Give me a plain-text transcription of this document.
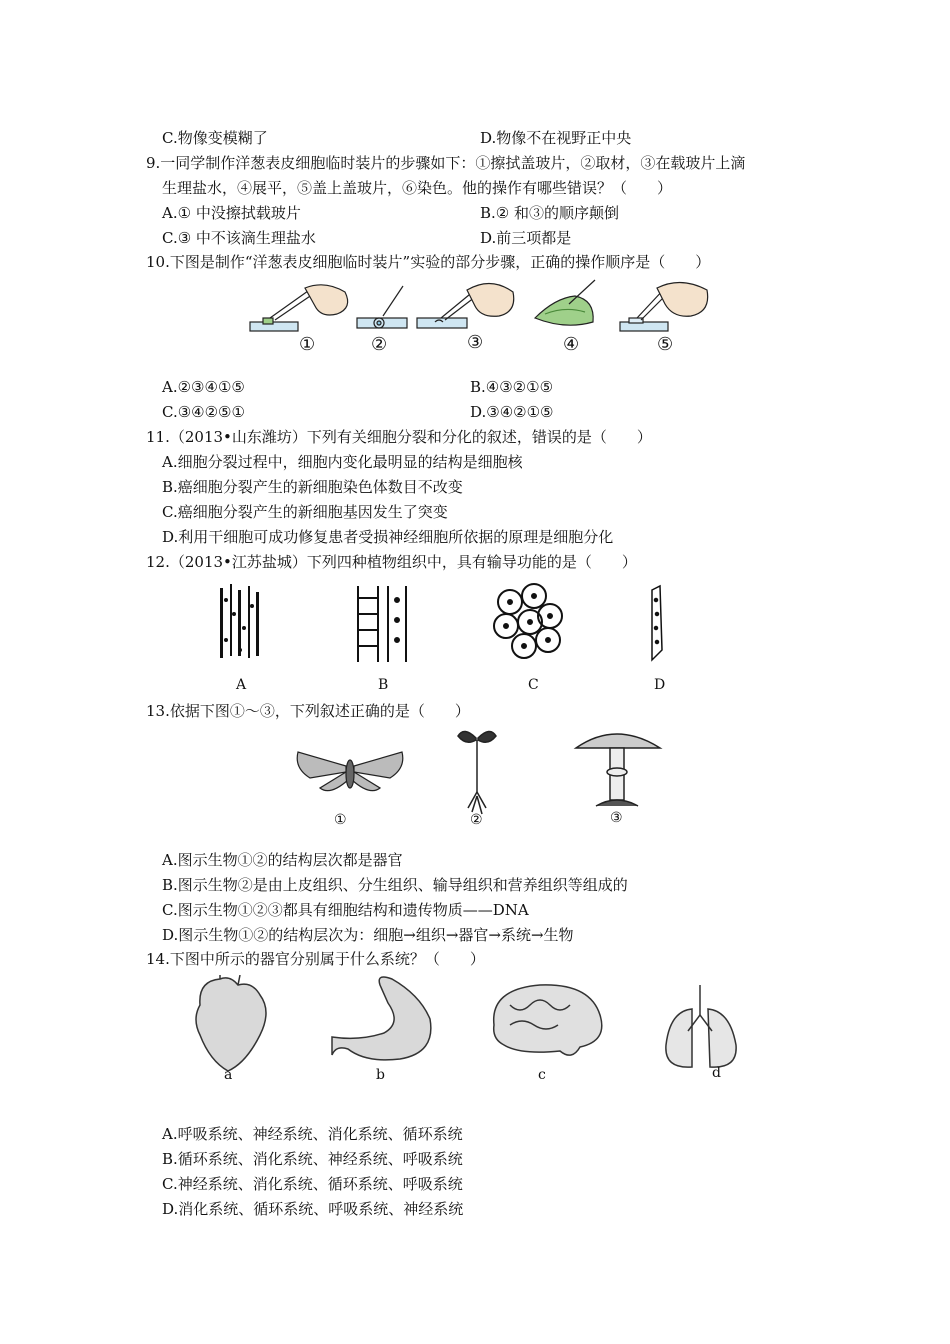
C.物像变模糊了	D.物像不在视野正中央
9.一同学制作洋葱表皮细胞临时装片的步骤如下：①擦拭盖玻片，②取材，③在载玻片上滴
生理盐水，④展平，⑤盖上盖玻片，⑥染色。他的操作有哪些错误？（　　）
A.① 中没擦拭载玻片	B.② 和③的顺序颠倒
C.③ 中不该滴生理盐水	D.前三项都是
10.下图是制作“洋葱表皮细胞临时装片”实验的部分步骤，正确的操作顺序是（　　）
①	②	③	④	⑤
A.②③④①⑤	B.④③②①⑤
C.③④②⑤①	D.③④②①⑤
11.（2013•山东潍坊）下列有关细胞分裂和分化的叙述，错误的是（　　）
A.细胞分裂过程中，细胞内变化最明显的结构是细胞核
B.癌细胞分裂产生的新细胞染色体数目不改变
C.癌细胞分裂产生的新细胞基因发生了突变
D.利用干细胞可成功修复患者受损神经细胞所依据的原理是细胞分化
12.（2013•江苏盐城）下列四种植物组织中，具有输导功能的是（　　）
A	B	C	D
13.依据下图①～③，下列叙述正确的是（　　）
①	②	③
A.图示生物①②的结构层次都是器官
B.图示生物②是由上皮组织、分生组织、输导组织和营养组织等组成的
C.图示生物①②③都具有细胞结构和遗传物质——DNA
D.图示生物①②的结构层次为：细胞→组织→器官→系统→生物
14.下图中所示的器官分别属于什么系统？（　　）
a	b	c	d
A.呼吸系统、神经系统、消化系统、循环系统
B.循环系统、消化系统、神经系统、呼吸系统
C.神经系统、消化系统、循环系统、呼吸系统
D.消化系统、循环系统、呼吸系统、神经系统
